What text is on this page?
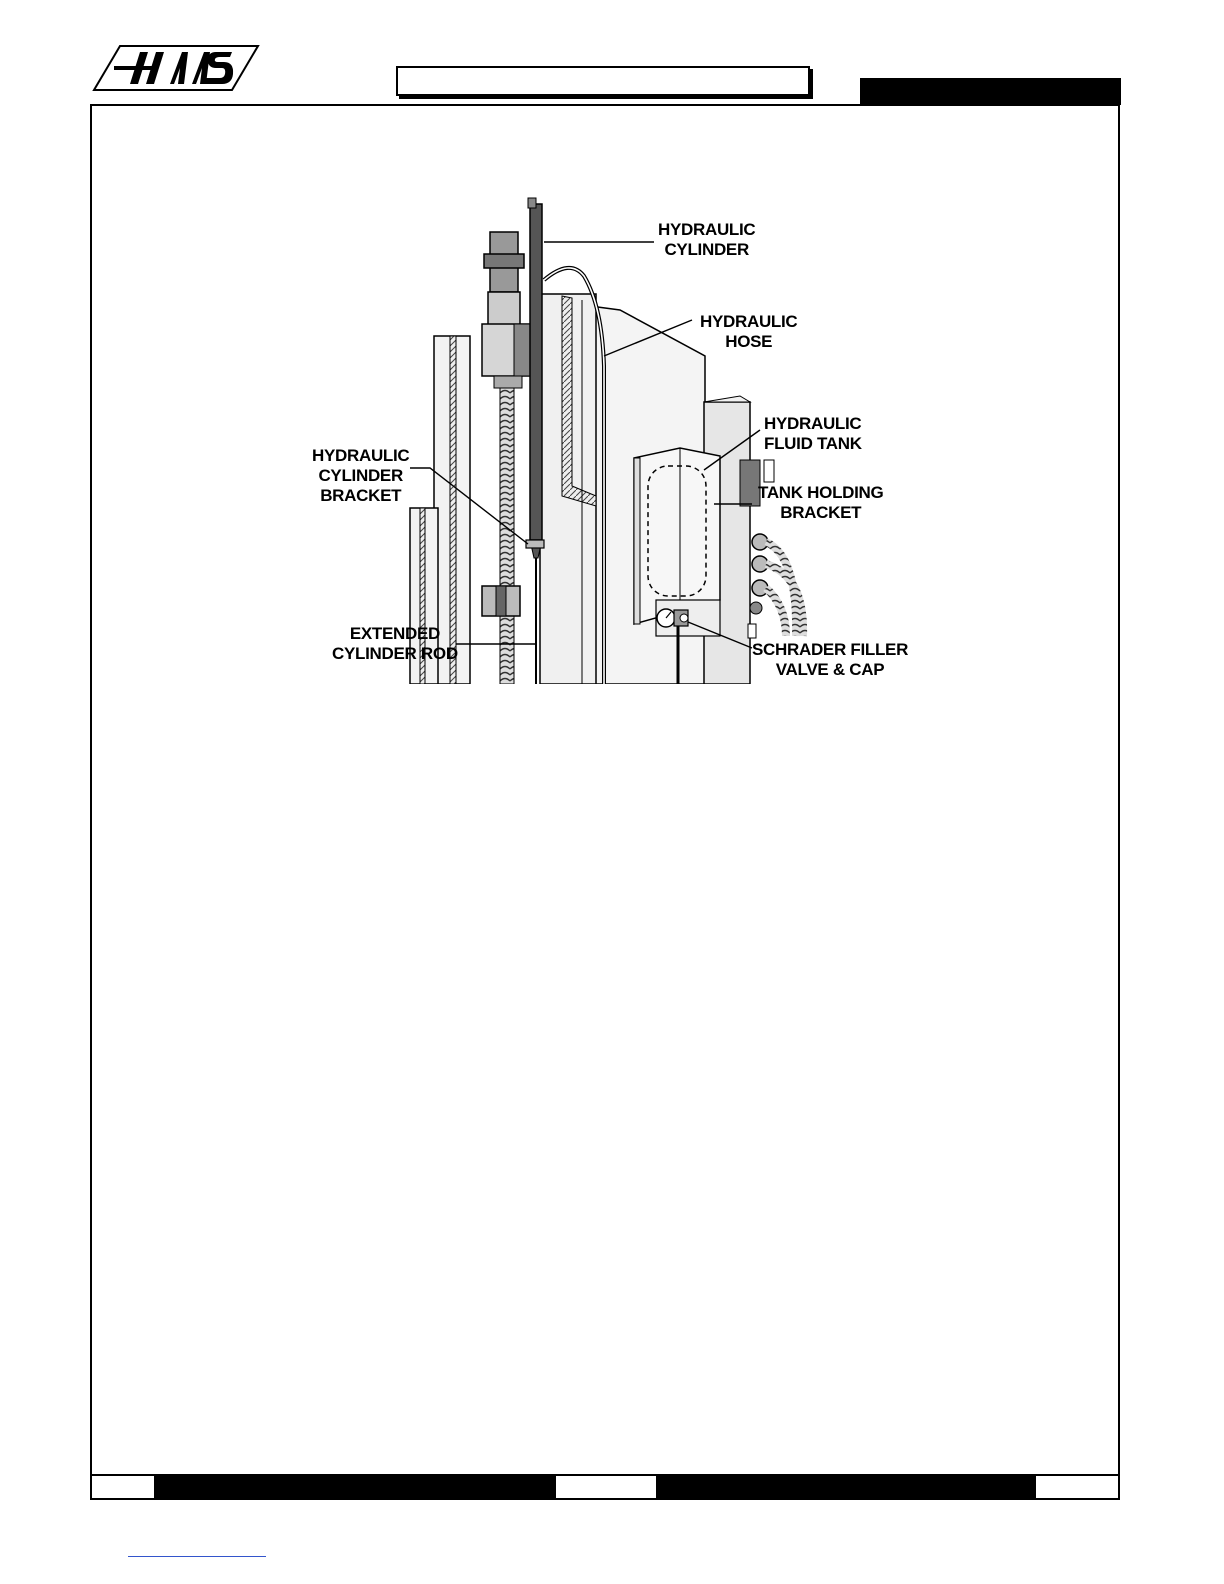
HYDRAULIC
CYLINDER
HYDRAULIC
HOSE
HYDRAULIC
FLUID TANK
TANK HOLDING
BRACKET
HYDRAULIC
CYLINDER
BRACKET
EXTENDED
CYLINDER ROD	SCHRADER FILLER
VALVE & CAP
